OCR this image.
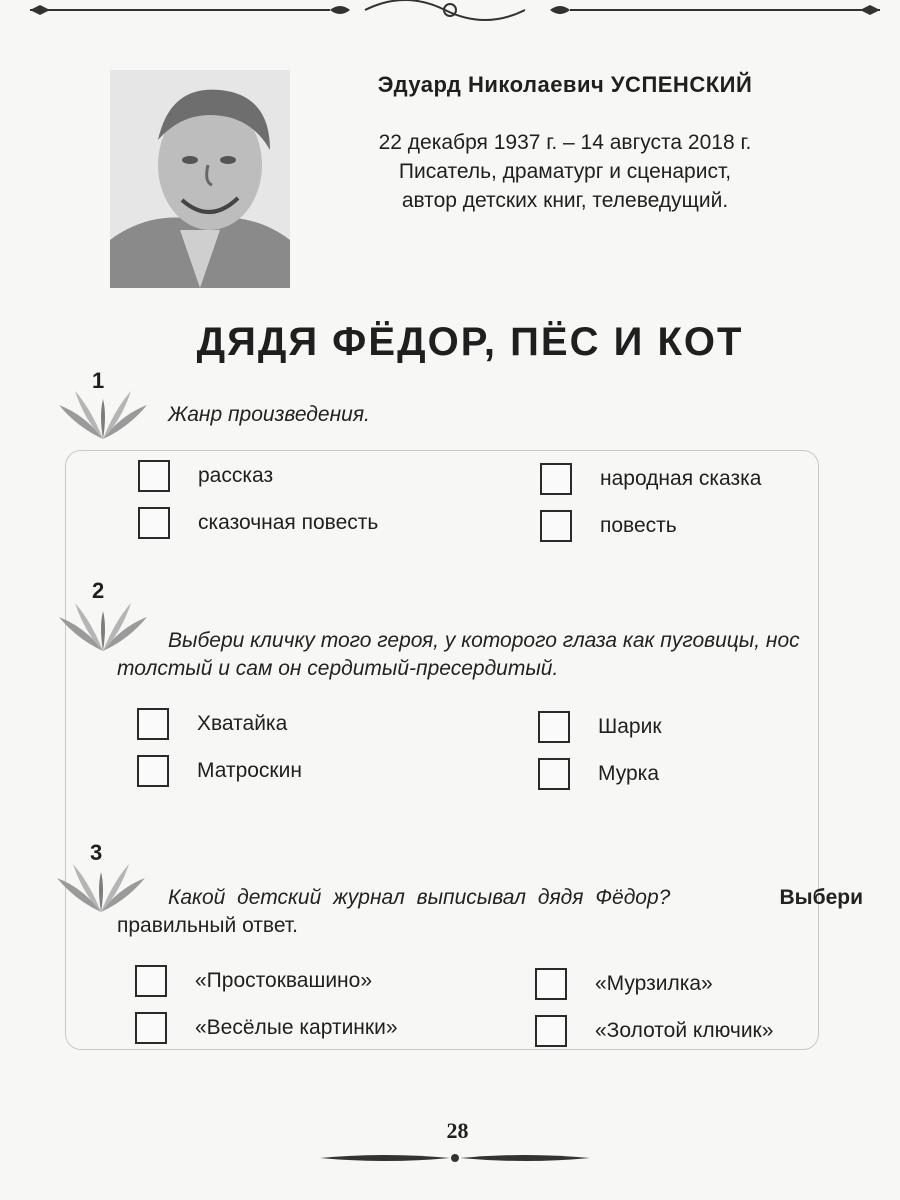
Эдуард Николаевич УСПЕНСКИЙ
22 декабря 1937 г. – 14 августа 2018 г.
Писатель, драматург и сценарист,
автор детских книг, телеведущий.
ДЯДЯ ФЁДОР, ПЁС И КОТ
1
Жанр произведения.
рассказ
сказочная повесть
народная сказка
повесть
2
Выбери кличку того героя, у которого глаза как пуговицы, нос
толстый и сам он сердитый-пресердитый.
Хватайка
Матроскин
Шарик
Мурка
3
Какой детский журнал выписывал дядя Фёдор?	Выбери
правильный ответ.
«Простоквашино»
«Весёлые картинки»
«Мурзилка»
«Золотой ключик»
28
